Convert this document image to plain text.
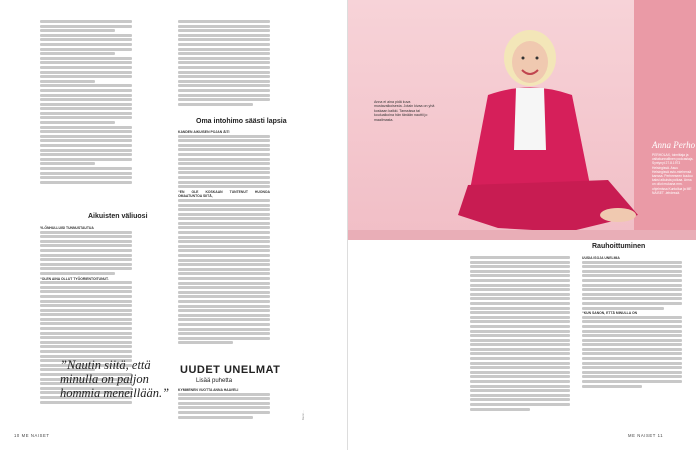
Aikuisten väliuosi
YLÖNHULLUISI TUNNUSTAUTUA
“OLEN AINA OLLUT TYÖORIENTOITUNUT.
”Nautin siitä, että minulla on paljon hommia meneillään.”
Oma intohimo säästi lapsia
KANDEN AIKUISEN POJAN ÄITI
“EN OLE KOSKAAN TUNTENUT HUONOA OMAATUNTOA SIITÄ,
UUDET UNELMAT
Lisää puhetta
KYMMENEN VUOTTA ANNA HAAVELI
Kuvat ...
10 ME NAISET
Anna ei aina pidä kuva mustavalkoisesta. Jotain kivaa on yhä koskaan kaikki. Tanssissa tai kouluaikoina hän tänään nauttii jo maailmasta.
Anna Perho
PERHOLAX, toimittaja ja valtakunnallinen podcastaja. Syntynyt 27.8.1973 Helsingissä. Asuu Helsingissä avio-miehensä kanssa. Perheeseen kuuluu kaksi aikuista poikaa. Anna on ollut mukana mm. ohjelmissa Kuntoilua ja ME NAISET -lehdessä.
Rauhoittuminen
UUSIA ISOJA UNELMIA
“KUN SANON, ETTÄ MINULLA ON
ME NAISET 11
